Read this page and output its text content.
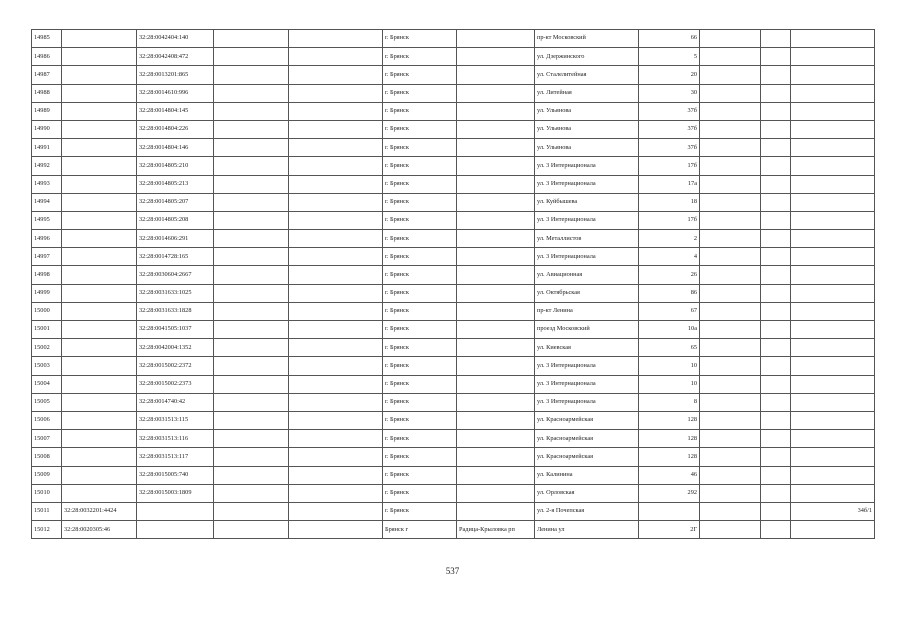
14985		32:28:0042404:140			г. Брянск		пр-кт Московский	66			
14986		32:28:0042408:472			г. Брянск		ул. Дзержинского	5			
14987		32:28:0013201:865			г. Брянск		ул. Сталелитейная	20			
14988		32:28:0014610:996			г. Брянск		ул. Литейная	30			
14989		32:28:0014804:145			г. Брянск		ул. Ульянова	37б			
14990		32:28:0014804:226			г. Брянск		ул. Ульянова	37б			
14991		32:28:0014804:146			г. Брянск		ул. Ульянова	37б			
14992		32:28:0014805:210			г. Брянск		ул. 3 Интернационала	17б			
14993		32:28:0014805:213			г. Брянск		ул. 3 Интернационала	17а			
14994		32:28:0014805:207			г. Брянск		ул. Куйбышева	18			
14995		32:28:0014805:208			г. Брянск		ул. 3 Интернационала	17б			
14996		32:28:0014606:291			г. Брянск		ул. Металлистов	2			
14997		32:28:0014728:165			г. Брянск		ул. 3 Интернационала	4			
14998		32:28:0030604:2667			г. Брянск		ул. Авиационная	26			
14999		32:28:0031633:1025			г. Брянск		ул. Октябрьская	86			
15000		32:28:0031633:1828			г. Брянск		пр-кт Ленина	67			
15001		32:28:0041505:1037			г. Брянск		проезд Московский	10а			
15002		32:28:0042004:1352			г. Брянск		ул. Киевская	65			
15003		32:28:0015002:2372			г. Брянск		ул. 3 Интернационала	10			
15004		32:28:0015002:2373			г. Брянск		ул. 3 Интернационала	10			
15005		32:28:0014740:42			г. Брянск		ул. 3 Интернационала	8			
15006		32:28:0031513:115			г. Брянск		ул. Красноармейская	128			
15007		32:28:0031513:116			г. Брянск		ул. Красноармейская	128			
15008		32:28:0031513:117			г. Брянск		ул. Красноармейская	128			
15009		32:28:0015005:740			г. Брянск		ул. Калинина	46			
15010		32:28:0015003:1809			г. Брянск		ул. Орловская	292			
15011	32:28:0032201:4424				г. Брянск		ул. 2-я Почепская				34б/1
15012	32:28:0020305:46				Брянск г	Радица-Крыловка рп	Ленина ул	2Г			
537
